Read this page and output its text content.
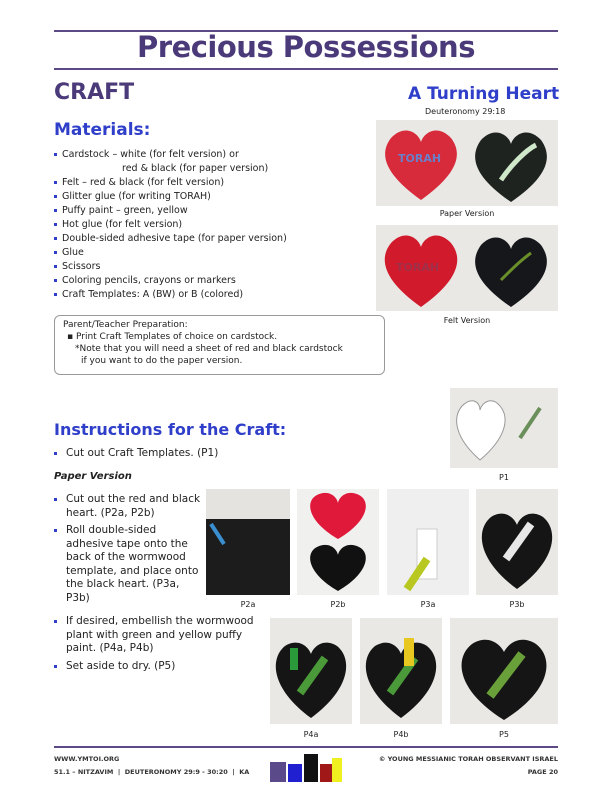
Precious Possessions
CRAFT
Materials:
Cardstock – white (for felt version) or
red & black (for paper version)
Felt – red & black (for felt version)
Glitter glue (for writing TORAH)
Puffy paint – green, yellow
Hot glue (for felt version)
Double-sided adhesive tape (for paper version)
Glue
Scissors
Coloring pencils, crayons or markers
Craft Templates: A (BW) or B (colored)
Parent/Teacher Preparation:
▪ Print Craft Templates of choice on cardstock.
*Note that you will need a sheet of red and black cardstock
if you want to do the paper version.
A Turning Heart
Deuteronomy 29:18
TORAH
Paper Version
TORAH
Felt Version
Instructions for the Craft:
Cut out Craft Templates. (P1)
Paper Version
Cut out the red and black heart. (P2a, P2b)
Roll double-sided adhesive tape onto the back of the wormwood template, and place onto the black heart. (P3a, P3b)
If desired, embellish the wormwood plant with green and yellow puffy paint. (P4a, P4b)
Set aside to dry. (P5)
P1
P2a	P2b	P3a	P3b
P4a	P4b	P5
WWW.YMTOI.ORG
51.1 – NITZAVIM  |  DEUTERONOMY 29:9 - 30:20  |  KA
© YOUNG MESSIANIC TORAH OBSERVANT ISRAEL
PAGE 20
